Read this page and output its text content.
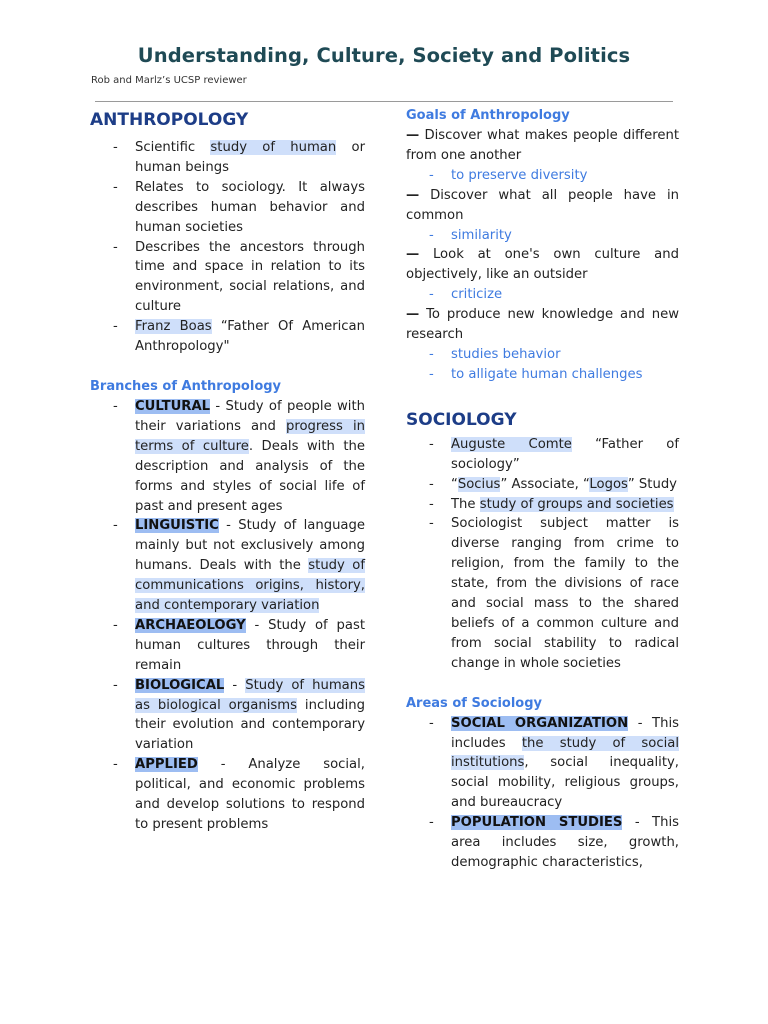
Understanding, Culture, Society and Politics
Rob and Marlz’s UCSP reviewer
ANTHROPOLOGY
- Scientific study of human or human beings
- Relates to sociology. It always describes human behavior and human societies
- Describes the ancestors through time and space in relation to its environment, social relations, and culture
- Franz Boas “Father Of American Anthropology"
Branches of Anthropology
- CULTURAL - Study of people with their variations and progress in terms of culture. Deals with the description and analysis of the forms and styles of social life of past and present ages
- LINGUISTIC - Study of language mainly but not exclusively among humans. Deals with the study of communications origins, history, and contemporary variation
- ARCHAEOLOGY - Study of past human cultures through their remain
- BIOLOGICAL - Study of humans as biological organisms including their evolution and contemporary variation
- APPLIED - Analyze social, political, and economic problems and develop solutions to respond to present problems
Goals of Anthropology

— Discover what makes people different from one another

- to preserve diversity

— Discover what all people have in common

- similarity

— Look at one's own culture and objectively, like an outsider

- criticize

— To produce new knowledge and new research

- studies behavior
- to alligate human challenges
SOCIOLOGY
- Auguste Comte “Father of sociology”
- “Socius” Associate, “Logos” Study
- The study of groups and societies
- Sociologist subject matter is diverse ranging from crime to religion, from the family to the state, from the divisions of race and social mass to the shared beliefs of a common culture and from social stability to radical change in whole societies
Areas of Sociology
- SOCIAL ORGANIZATION - This includes the study of social institutions, social inequality, social mobility, religious groups, and bureaucracy
- POPULATION STUDIES - This area includes size, growth, demographic characteristics,
